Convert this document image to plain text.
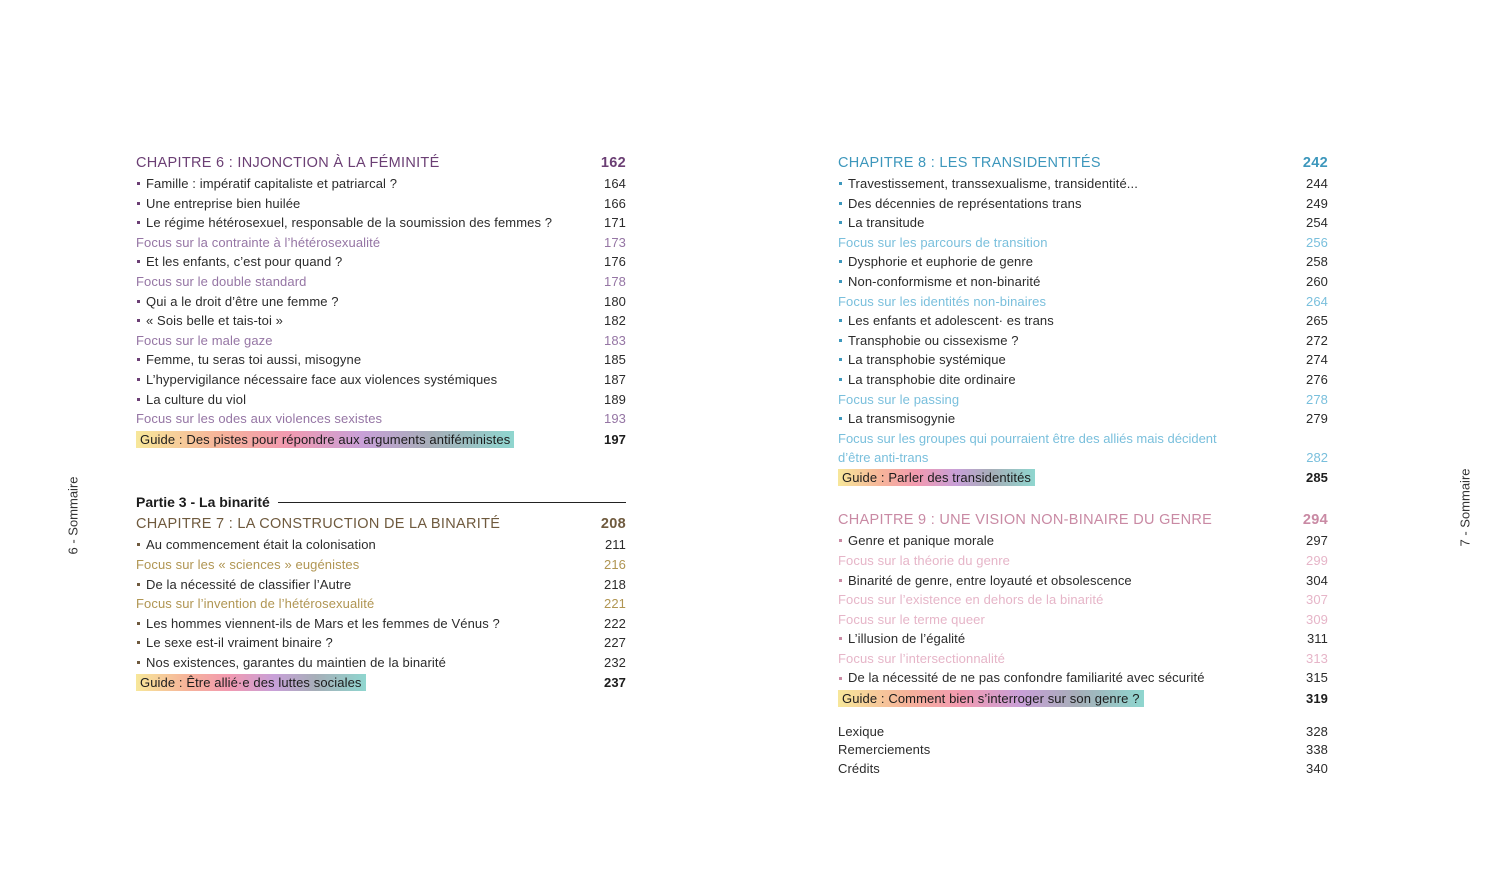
6 - Sommaire	7 - Sommaire
CHAPITRE 6 : INJONCTION À LA FÉMINITÉ	162
Famille : impératif capitaliste et patriarcal ?	164
Une entreprise bien huilée	166
Le régime hétérosexuel, responsable de la soumission des femmes ?	171
Focus sur la contrainte à l’hétérosexualité	173
Et les enfants, c’est pour quand ?	176
Focus sur le double standard	178
Qui a le droit d’être une femme ?	180
« Sois belle et tais-toi »	182
Focus sur le male gaze	183
Femme, tu seras toi aussi, misogyne	185
L’hypervigilance nécessaire face aux violences systémiques	187
La culture du viol	189
Focus sur les odes aux violences sexistes	193
Guide : Des pistes pour répondre aux arguments antiféministes	197
Partie 3 - La binarité
CHAPITRE 7 : LA CONSTRUCTION DE LA BINARITÉ	208
Au commencement était la colonisation	211
Focus sur les « sciences » eugénistes	216
De la nécessité de classifier l’Autre	218
Focus sur l’invention de l’hétérosexualité	221
Les hommes viennent-ils de Mars et les femmes de Vénus ?	222
Le sexe est-il vraiment binaire ?	227
Nos existences, garantes du maintien de la binarité	232
Guide : Être allié·e des luttes sociales	237
CHAPITRE 8 : LES TRANSIDENTITÉS	242
Travestissement, transsexualisme, transidentité...	244
Des décennies de représentations trans	249
La transitude	254
Focus sur les parcours de transition	256
Dysphorie et euphorie de genre	258
Non-conformisme et non-binarité	260
Focus sur les identités non-binaires	264
Les enfants et adolescent· es trans	265
Transphobie ou cissexisme ?	272
La transphobie systémique	274
La transphobie dite ordinaire	276
Focus sur le passing	278
La transmisogynie	279
Focus sur les groupes qui pourraient être des alliés mais décident
d’être anti-trans	282
Guide : Parler des transidentités	285
CHAPITRE 9 : UNE VISION NON-BINAIRE DU GENRE	294
Genre et panique morale	297
Focus sur la théorie du genre	299
Binarité de genre, entre loyauté et obsolescence	304
Focus sur l’existence en dehors de la binarité	307
Focus sur le terme queer	309
L’illusion de l’égalité	311
Focus sur l’intersectionnalité	313
De la nécessité de ne pas confondre familiarité avec sécurité	315
Guide : Comment bien s’interroger sur son genre ?	319
Lexique	328
Remerciements	338
Crédits	340
